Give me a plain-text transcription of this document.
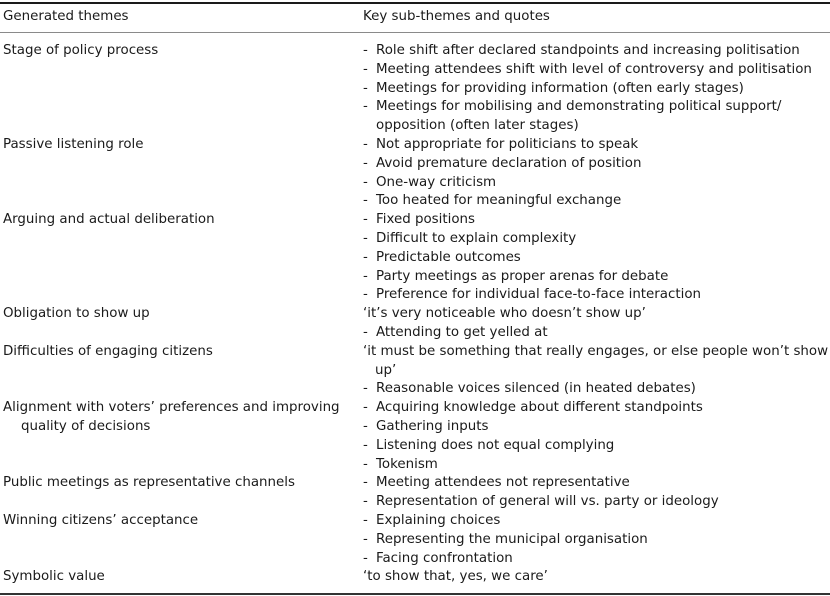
Generated themes	Key sub-themes and quotes
Stage of policy process	- Role shift after declared standpoints and increasing politisation
- Meeting attendees shift with level of controversy and politisation
- Meetings for providing information (often early stages)
- Meetings for mobilising and demonstrating political support/ opposition (often later stages)
Passive listening role	- Not appropriate for politicians to speak
- Avoid premature declaration of position
- One-way criticism
- Too heated for meaningful exchange
Arguing and actual deliberation	- Fixed positions
- Difficult to explain complexity
- Predictable outcomes
- Party meetings as proper arenas for debate
- Preference for individual face-to-face interaction
Obligation to show up	‘it’s very noticeable who doesn’t show up’
- Attending to get yelled at
Difficulties of engaging citizens	‘it must be something that really engages, or else people won’t show up’
- Reasonable voices silenced (in heated debates)
Alignment with voters’ preferences and improving quality of decisions
- Acquiring knowledge about different standpoints
- Gathering inputs
- Listening does not equal complying
- Tokenism
Public meetings as representative channels	- Meeting attendees not representative
- Representation of general will vs. party or ideology
Winning citizens’ acceptance	- Explaining choices
- Representing the municipal organisation
- Facing confrontation
Symbolic value	‘to show that, yes, we care’
